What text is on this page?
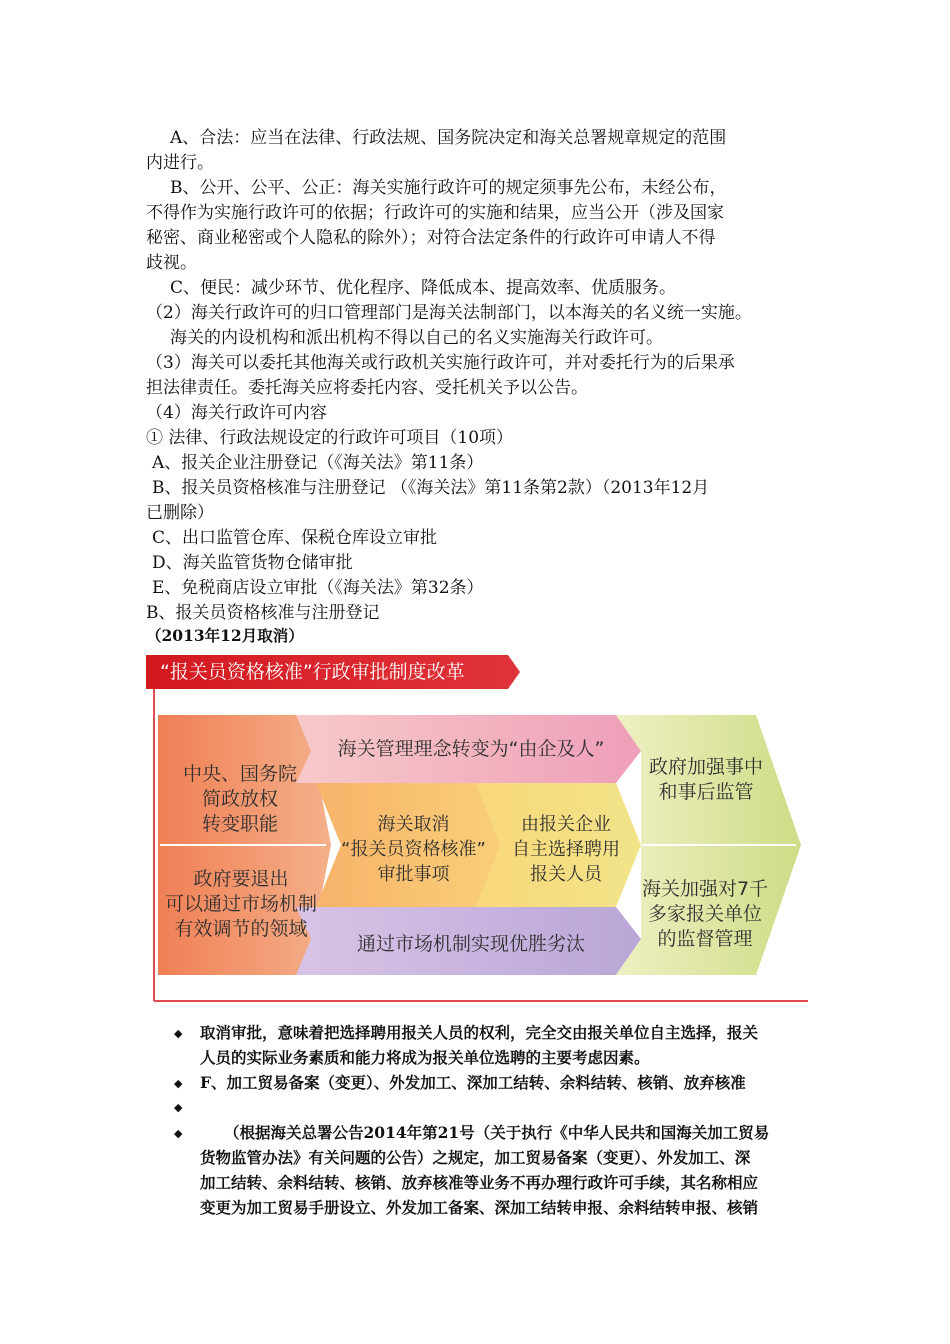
A、合法：应当在法律、行政法规、国务院决定和海关总署规章规定的范围
内进行。
B、公开、公平、公正：海关实施行政许可的规定须事先公布，未经公布，
不得作为实施行政许可的依据；行政许可的实施和结果，应当公开（涉及国家
秘密、商业秘密或个人隐私的除外）；对符合法定条件的行政许可申请人不得
歧视。
C、便民：减少环节、优化程序、降低成本、提高效率、优质服务。
（2）海关行政许可的归口管理部门是海关法制部门，以本海关的名义统一实施。
海关的内设机构和派出机构不得以自己的名义实施海关行政许可。
（3）海关可以委托其他海关或行政机关实施行政许可，并对委托行为的后果承
担法律责任。委托海关应将委托内容、受托机关予以公告。
（4）海关行政许可内容
① 法律、行政法规设定的行政许可项目（10项）
A、报关企业注册登记（《海关法》第11条）
B、报关员资格核准与注册登记 （《海关法》第11条第2款）（2013年12月
已删除）
C、出口监管仓库、保税仓库设立审批
D、海关监管货物仓储审批
E、免税商店设立审批（《海关法》第32条）
B、报关员资格核准与注册登记
（2013年12月取消）
“报关员资格核准”行政审批制度改革
中央、国务院
简政放权
转变职能
政府要退出
可以通过市场机制
有效调节的领域
海关管理理念转变为“由企及人”
海关取消
“报关员资格核准”
审批事项
由报关企业
自主选择聘用
报关人员
通过市场机制实现优胜劣汰
政府加强事中
和事后监管
海关加强对7千
多家报关单位
的监督管理
◆ 取消审批，意味着把选择聘用报关人员的权利，完全交由报关单位自主选择，报关
人员的实际业务素质和能力将成为报关单位选聘的主要考虑因素。
◆ F、加工贸易备案（变更）、外发加工、深加工结转、余料结转、核销、放弃核准
◆
◆	（根据海关总署公告2014年第21号（关于执行《中华人民共和国海关加工贸易
货物监管办法》有关问题的公告）之规定，加工贸易备案（变更）、外发加工、深
加工结转、余料结转、核销、放弃核准等业务不再办理行政许可手续，其名称相应
变更为加工贸易手册设立、外发加工备案、深加工结转申报、余料结转申报、核销
